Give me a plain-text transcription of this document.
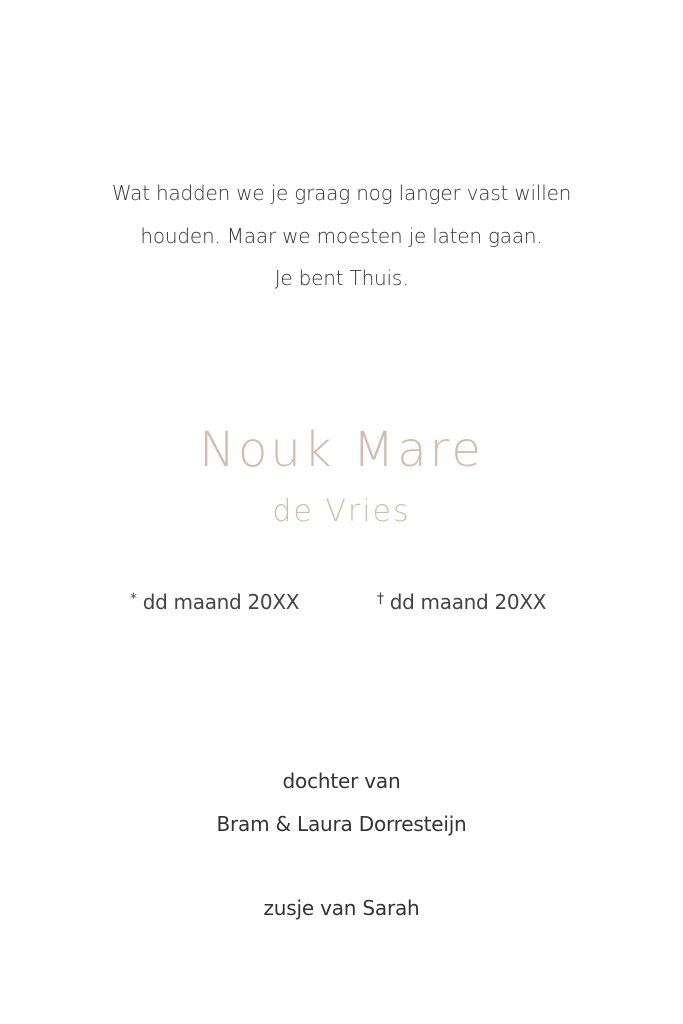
Wat hadden we je graag nog langer vast willen
houden. Maar we moesten je laten gaan.
Je bent Thuis.
Nouk Mare
de Vries
* dd maand 20XX	† dd maand 20XX
dochter van
Bram & Laura Dorresteijn
zusje van Sarah
